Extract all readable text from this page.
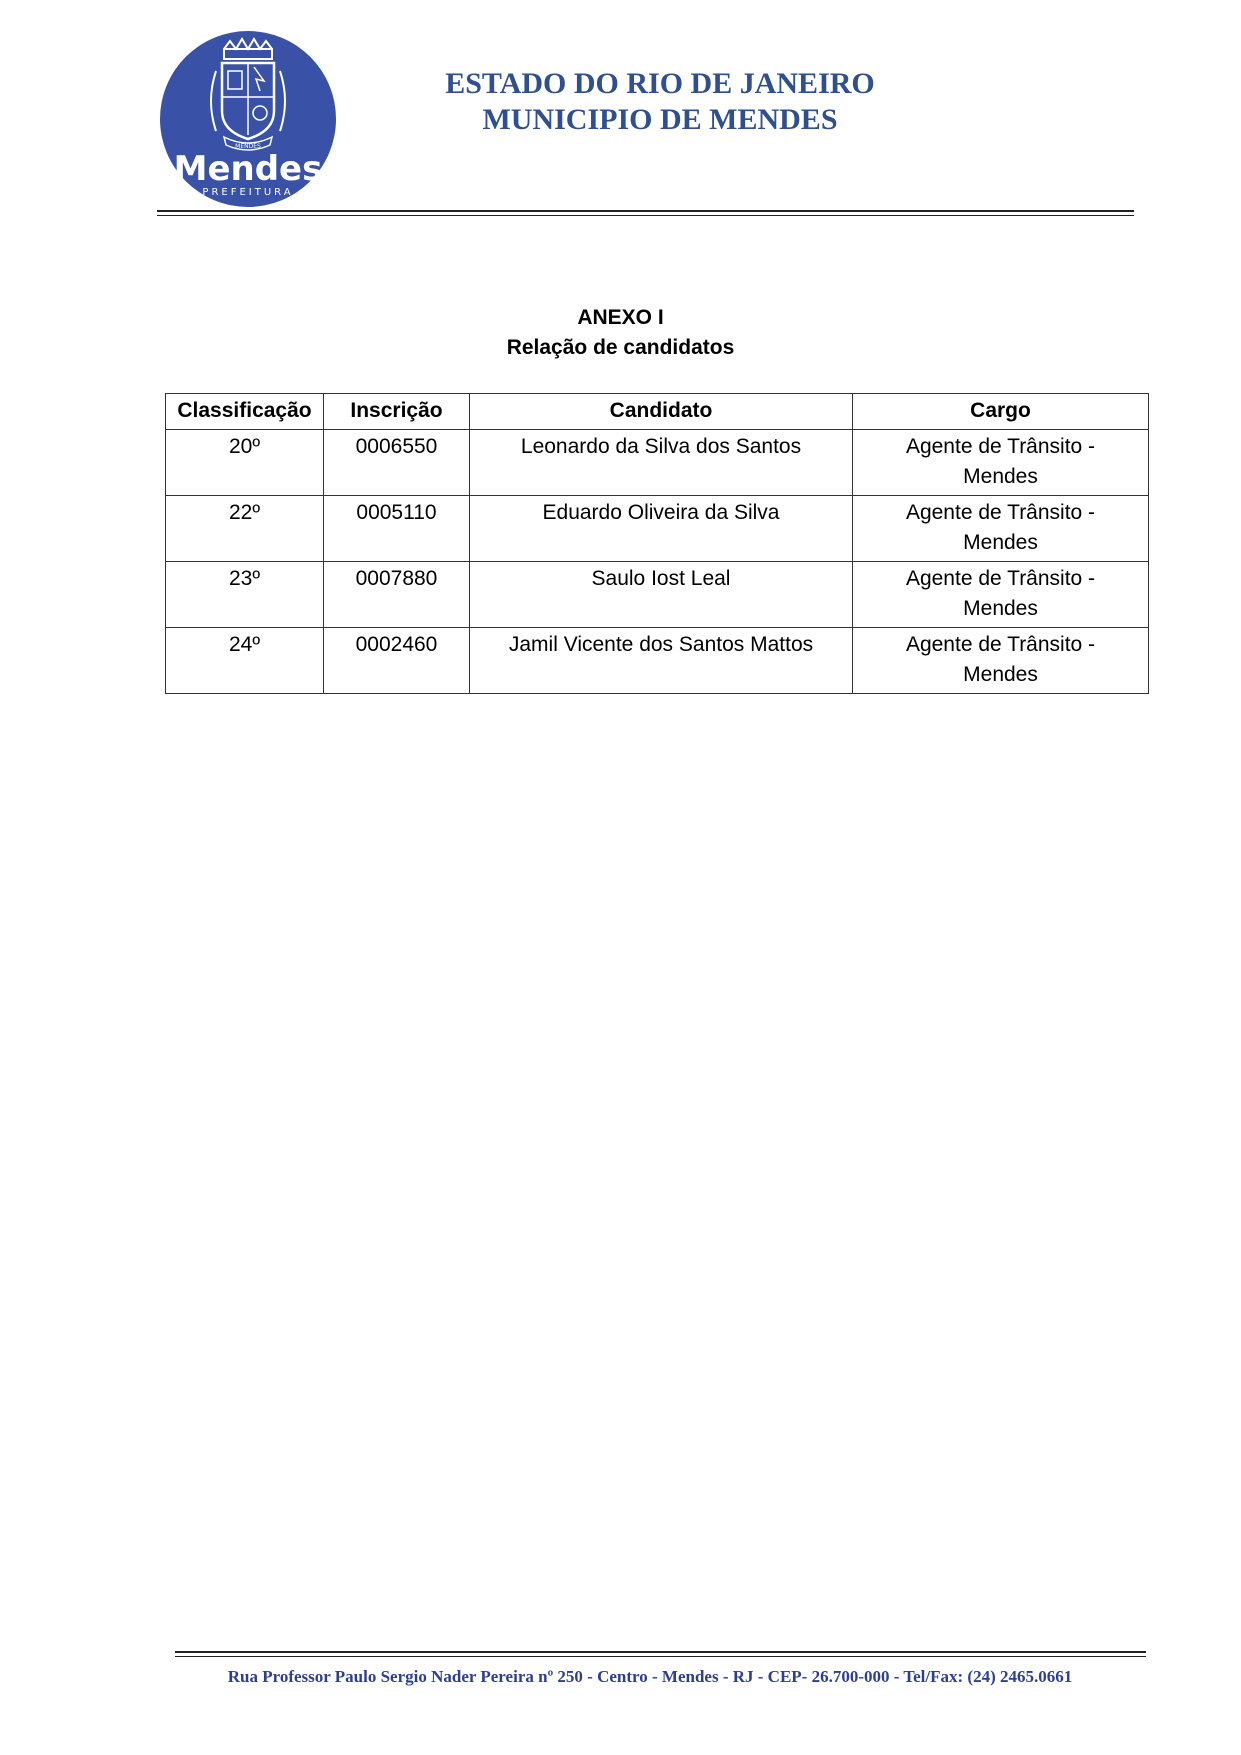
MENDES
Mendes
PREFEITURA
ESTADO DO RIO DE JANEIRO
MUNICIPIO DE MENDES
ANEXO I
Relação de candidatos
Classificação	Inscrição	Candidato	Cargo
20º	0006550	Leonardo da Silva dos Santos	Agente de Trânsito -
Mendes
22º	0005110	Eduardo Oliveira da Silva	Agente de Trânsito -
Mendes
23º	0007880	Saulo Iost Leal	Agente de Trânsito -
Mendes
24º	0002460	Jamil Vicente dos Santos Mattos	Agente de Trânsito -
Mendes
Rua Professor Paulo Sergio Nader Pereira nº 250 - Centro - Mendes - RJ - CEP- 26.700-000 - Tel/Fax: (24) 2465.0661
